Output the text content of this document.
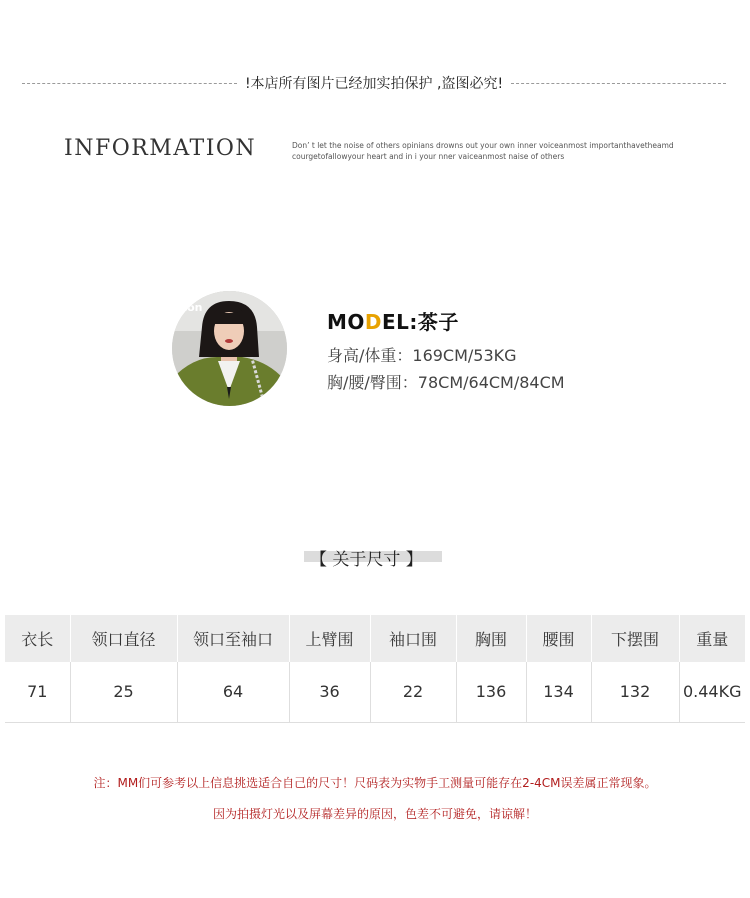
!本店所有图片已经加实拍保护 ,盗图必究!
INFORMATION	Don’ t let the noise of others opinians drowns out your own inner voiceanmost importanthavetheamd
courgetofallowyour heart and in i your nner vaiceanmost naise of others
xon
MODEL:茶子
身高/体重：169CM/53KG
胸/腰/臀围：78CM/64CM/84CM
【 关于尺寸 】
衣长	领口直径	领口至袖口	上臂围	袖口围	胸围	腰围	下摆围	重量
71	25	64	36	22	136	134	132	0.44KG
注：MM们可参考以上信息挑选适合自己的尺寸！尺码表为实物手工测量可能存在2-4CM误差属正常现象。
因为拍摄灯光以及屏幕差异的原因，色差不可避免，请谅解！
